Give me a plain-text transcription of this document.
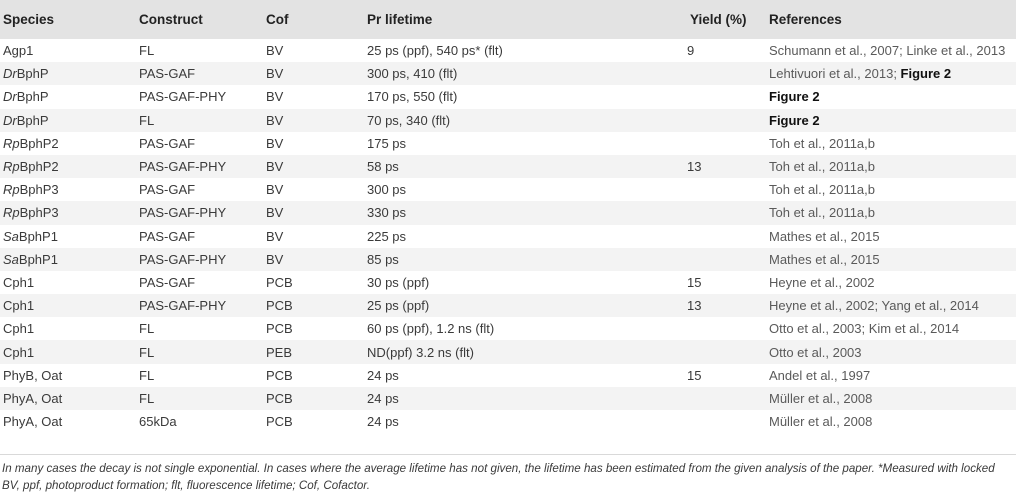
Species	Construct	Cof	Pr lifetime	Yield (%)	References
Agp1	FL	BV	25 ps (ppf), 540 ps* (flt)	9	Schumann et al., 2007; Linke et al., 2013
DrBphP	PAS-GAF	BV	300 ps, 410 (flt)		Lehtivuori et al., 2013; Figure 2
DrBphP	PAS-GAF-PHY	BV	170 ps, 550 (flt)		Figure 2
DrBphP	FL	BV	70 ps, 340 (flt)		Figure 2
RpBphP2	PAS-GAF	BV	175 ps		Toh et al., 2011a,b
RpBphP2	PAS-GAF-PHY	BV	58 ps	13	Toh et al., 2011a,b
RpBphP3	PAS-GAF	BV	300 ps		Toh et al., 2011a,b
RpBphP3	PAS-GAF-PHY	BV	330 ps		Toh et al., 2011a,b
SaBphP1	PAS-GAF	BV	225 ps		Mathes et al., 2015
SaBphP1	PAS-GAF-PHY	BV	85 ps		Mathes et al., 2015
Cph1	PAS-GAF	PCB	30 ps (ppf)	15	Heyne et al., 2002
Cph1	PAS-GAF-PHY	PCB	25 ps (ppf)	13	Heyne et al., 2002; Yang et al., 2014
Cph1	FL	PCB	60 ps (ppf), 1.2 ns (flt)		Otto et al., 2003; Kim et al., 2014
Cph1	FL	PEB	ND(ppf) 3.2 ns (flt)		Otto et al., 2003
PhyB, Oat	FL	PCB	24 ps	15	Andel et al., 1997
PhyA, Oat	FL	PCB	24 ps		Müller et al., 2008
PhyA, Oat	65kDa	PCB	24 ps		Müller et al., 2008
In many cases the decay is not single exponential. In cases where the average lifetime has not given, the lifetime has been estimated from the given analysis of the paper. *Measured with locked BV, ppf, photoproduct formation; flt, fluorescence lifetime; Cof, Cofactor.
